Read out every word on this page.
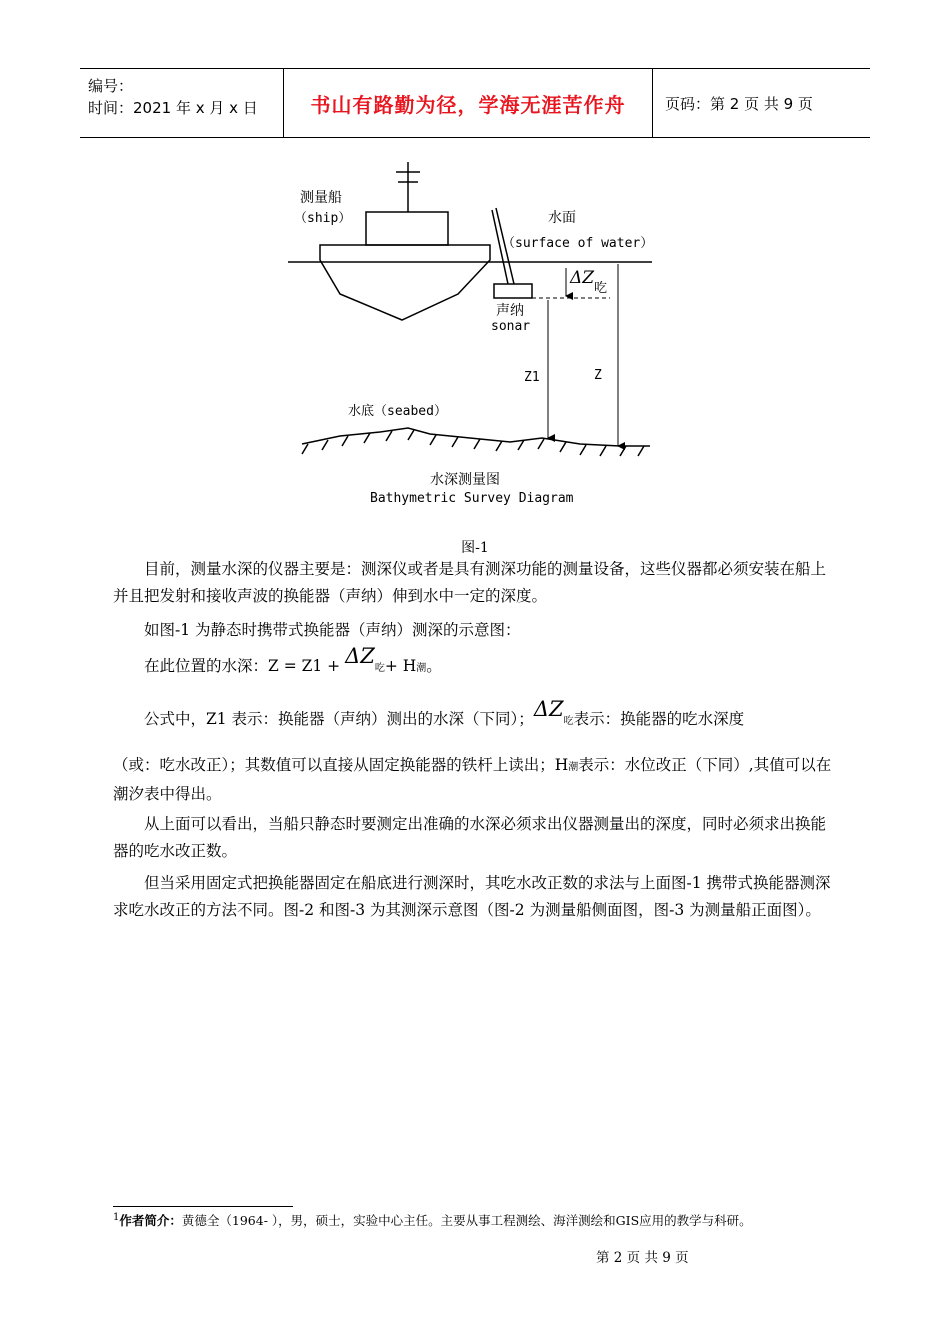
编号：
时间：2021 年 x 月 x 日	书山有路勤为径，学海无涯苦作舟	页码：第 2 页 共 9 页
测量船
（ship）	水面
（surface of water）
ΔZ
吃
声纳
sonar
Z1	Z
水底（seabed）
水深测量图
Bathymetric Survey Diagram
图-1
目前，测量水深的仪器主要是：测深仪或者是具有测深功能的测量设备，这些仪器都必须安装在船上并且把发射和接收声波的换能器（声纳）伸到水中一定的深度。
如图-1 为静态时携带式换能器（声纳）测深的示意图：
在此位置的水深：Z = Z1 + ΔZ吃+ H潮。
公式中，Z1 表示：换能器（声纳）测出的水深（下同）；ΔZ吃表示：换能器的吃水深度
（或：吃水改正）；其数值可以直接从固定换能器的铁杆上读出；H潮表示：水位改正（下同）,其值可以在潮汐表中得出。
从上面可以看出，当船只静态时要测定出准确的水深必须求出仪器测量出的深度，同时必须求出换能器的吃水改正数。
但当采用固定式把换能器固定在船底进行测深时，其吃水改正数的求法与上面图-1 携带式换能器测深求吃水改正的方法不同。图-2 和图-3 为其测深示意图（图-2 为测量船侧面图，图-3 为测量船正面图）。
$^1$作者简介：黄德全（1964- ），男，硕士，实验中心主任。主要从事工程测绘、海洋测绘和GIS应用的教学与科研。
第 2 页 共 9 页
